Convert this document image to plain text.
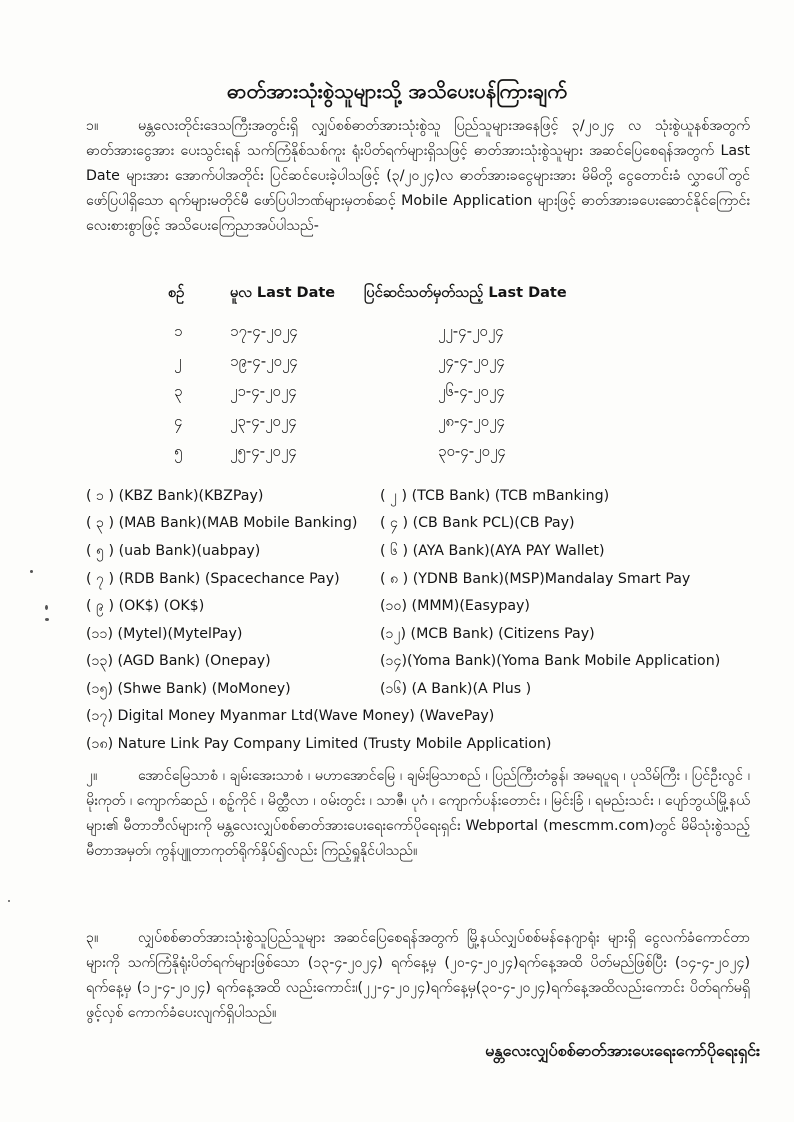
ဓာတ်အားသုံးစွဲသူများသို့ အသိပေးပန်ကြားချက်
၁။	မန္တလေးတိုင်းဒေသကြီးအတွင်းရှိ လျှပ်စစ်ဓာတ်အားသုံးစွဲသူ ပြည်သူများအနေဖြင့် ၃/၂၀၂၄ လ သုံးစွဲယူနစ်အတွက် ဓာတ်အားငွေအား ပေးသွင်းရန် သက်ကြံနိုစ်သစ်ကူး ရုံးပိတ်ရက်များရှိသဖြင့် ဓာတ်အားသုံးစွဲသူများ အဆင်ပြေစေရန်အတွက် Last Date များအား အောက်ပါအတိုင်း ပြင်ဆင်ပေးခဲ့ပါသဖြင့် (၃/၂၀၂၄)လ ဓာတ်အားခငွေများအား မိမိတို့ ငွေတောင်းခံ လွှာပေါ်တွင် ဖော်ပြပါရှိသော ရက်များမတိုင်မီ ဖော်ပြပါဘဏ်များမှတစ်ဆင့် Mobile Application များဖြင့် ဓာတ်အားခပေးဆောင်နိုင်ကြောင်း လေးစားစွာဖြင့် အသိပေးကြေညာအပ်ပါသည်-
စဉ်	မူလ Last Date ပြင်ဆင်သတ်မှတ်သည့် Last Date
၁	၁၇-၄-၂၀၂၄	၂၂-၄-၂၀၂၄
၂	၁၉-၄-၂၀၂၄	၂၄-၄-၂၀၂၄
၃	၂၁-၄-၂၀၂၄	၂၆-၄-၂၀၂၄
၄	၂၃-၄-၂၀၂၄	၂၈-၄-၂၀၂၄
၅	၂၅-၄-၂၀၂၄	၃၀-၄-၂၀၂၄
( ၁ ) (KBZ Bank)(KBZPay)	( ၂ ) (TCB Bank) (TCB mBanking)
( ၃ ) (MAB Bank)(MAB Mobile Banking) ( ၄ ) (CB Bank PCL)(CB Pay)
( ၅ ) (uab Bank)(uabpay)	( ၆ ) (AYA Bank)(AYA PAY Wallet)
( ၇ ) (RDB Bank) (Spacechance Pay)	( ၈ ) (YDNB Bank)(MSP)Mandalay Smart Pay
( ၉ ) (OK$) (OK$)	(၁၀) (MMM)(Easypay)
(၁၁) (Mytel)(MytelPay)	(၁၂) (MCB Bank) (Citizens Pay)
(၁၃) (AGD Bank) (Onepay)	(၁၄)(Yoma Bank)(Yoma Bank Mobile Application)
(၁၅) (Shwe Bank) (MoMoney)	(၁၆) (A Bank)(A Plus )
(၁၇) Digital Money Myanmar Ltd(Wave Money) (WavePay)
(၁၈) Nature Link Pay Company Limited (Trusty Mobile Application)
၂။	အောင်မြေသာစံ ၊ ချမ်းအေးသာစံ ၊ မဟာအောင်မြေ ၊ ချမ်းမြသာစည် ၊ ပြည်ကြီးတံခွန်၊ အမရပူရ ၊ ပုသိမ်ကြီး ၊ ပြင်ဦးလွင် ၊ မိုးကုတ် ၊ ကျောက်ဆည် ၊ စဉ့်ကိုင် ၊ မိတ္ထီလာ ၊ ဝမ်းတွင်း ၊ သာဇီ၊ ပုဂံ ၊ ကျောက်ပန်းတောင်း ၊ မြင်းခြံ ၊ ရမည်းသင်း ၊ ပျော်ဘွယ်မြို့နယ်များ၏ မီတာဘီလ်များကို မန္တလေးလျှပ်စစ်ဓာတ်အားပေးရေးကော်ပိုရေးရှင်း Webportal (mescmm.com)တွင် မိမိသုံးစွဲသည့် မီတာအမှတ်၊ ကွန်ပျူတာကုတ်ရိုက်နှိပ်၍လည်း ကြည့်ရှုနိုင်ပါသည်။
၃။	လျှပ်စစ်ဓာတ်အားသုံးစွဲသူပြည်သူများ အဆင်ပြေစေရန်အတွက် မြို့နယ်လျှပ်စစ်မန်နေဂျာရုံး များရှိ ငွေလက်ခံကောင်တာများကို သက်ကြံနိုရုံးပိတ်ရက်များဖြစ်သော (၁၃-၄-၂၀၂၄) ရက်နေ့မှ (၂၀-၄-၂၀၂၄)ရက်နေ့အထိ ပိတ်မည်ဖြစ်ပြီး (၁၄-၄-၂၀၂၄) ရက်နေ့မှ (၁၂-၄-၂၀၂၄) ရက်နေ့အထိ လည်းကောင်း၊(၂၂-၄-၂၀၂၄)ရက်နေ့မှ(၃၀-၄-၂၀၂၄)ရက်နေ့အထိလည်းကောင်း ပိတ်ရက်မရှိ ဖွင့်လှစ် ကောက်ခံပေးလျက်ရှိပါသည်။
မန္တလေးလျှပ်စစ်ဓာတ်အားပေးရေးကော်ပိုရေးရှင်း
